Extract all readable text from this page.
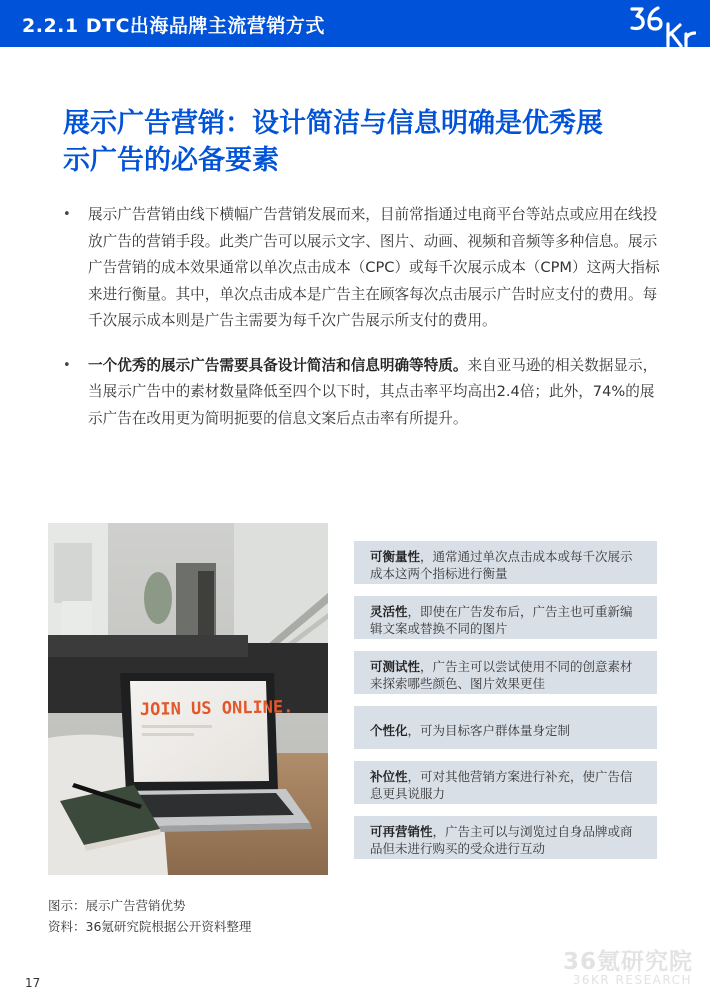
2.2.1 DTC出海品牌主流营销方式
展示广告营销：设计简洁与信息明确是优秀展
示广告的必备要素
• 展示广告营销由线下横幅广告营销发展而来，目前常指通过电商平台等站点或应用在线投放广告的营销手段。此类广告可以展示文字、图片、动画、视频和音频等多种信息。展示广告营销的成本效果通常以单次点击成本（CPC）或每千次展示成本（CPM）这两大指标来进行衡量。其中，单次点击成本是广告主在顾客每次点击展示广告时应支付的费用。每千次展示成本则是广告主需要为每千次广告展示所支付的费用。
• 一个优秀的展示广告需要具备设计简洁和信息明确等特质。来自亚马逊的相关数据显示，当展示广告中的素材数量降低至四个以下时，其点击率平均高出2.4倍；此外，74%的展示广告在改用更为简明扼要的信息文案后点击率有所提升。
JOIN US ONLINE.
可衡量性，通常通过单次点击成本或每千次展示成本这两个指标进行衡量
灵活性，即使在广告发布后，广告主也可重新编辑文案或替换不同的图片
可测试性，广告主可以尝试使用不同的创意素材来探索哪些颜色、图片效果更佳
个性化，可为目标客户群体量身定制
补位性，可对其他营销方案进行补充，使广告信息更具说服力
可再营销性，广告主可以与浏览过自身品牌或商品但未进行购买的受众进行互动
图示：展示广告营销优势
资料：36氪研究院根据公开资料整理
36氪研究院
36KR RESEARCH
17
